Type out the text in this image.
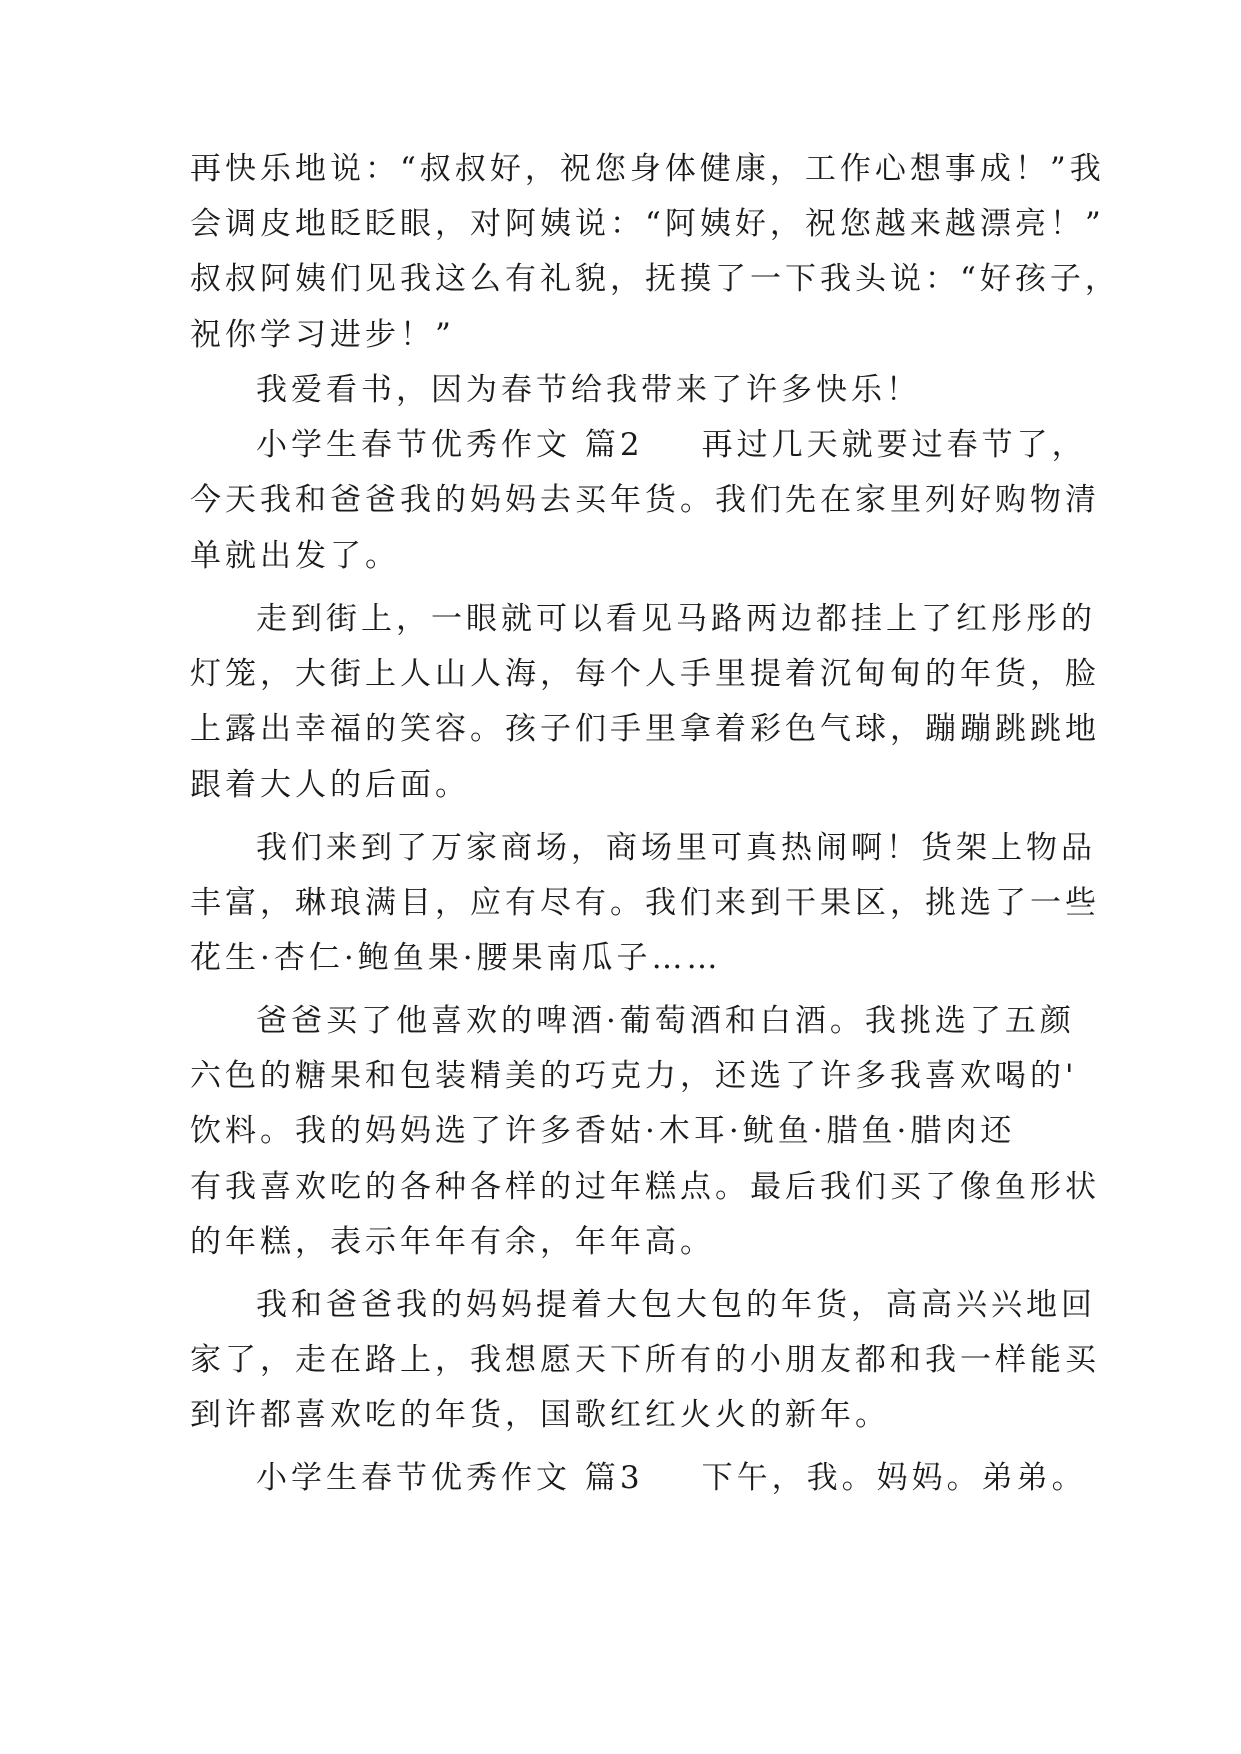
再快乐地说：“叔叔好，祝您身体健康，工作心想事成！”我
会调皮地眨眨眼，对阿姨说：“阿姨好，祝您越来越漂亮！”
叔叔阿姨们见我这么有礼貌，抚摸了一下我头说：“好孩子，
祝你学习进步！”
我爱看书，因为春节给我带来了许多快乐！
小学生春节优秀作文 篇2 再过几天就要过春节了，
今天我和爸爸我的妈妈去买年货。我们先在家里列好购物清
单就出发了。
走到街上，一眼就可以看见马路两边都挂上了红彤彤的
灯笼，大街上人山人海，每个人手里提着沉甸甸的年货，脸
上露出幸福的笑容。孩子们手里拿着彩色气球，蹦蹦跳跳地
跟着大人的后面。
我们来到了万家商场，商场里可真热闹啊！货架上物品
丰富，琳琅满目，应有尽有。我们来到干果区，挑选了一些
花生·杏仁·鲍鱼果·腰果南瓜子……
爸爸买了他喜欢的啤酒·葡萄酒和白酒。我挑选了五颜
六色的糖果和包装精美的巧克力，还选了许多我喜欢喝的'
饮料。我的妈妈选了许多香姑·木耳·鱿鱼·腊鱼·腊肉还
有我喜欢吃的各种各样的过年糕点。最后我们买了像鱼形状
的年糕，表示年年有余，年年高。
我和爸爸我的妈妈提着大包大包的年货，高高兴兴地回
家了，走在路上，我想愿天下所有的小朋友都和我一样能买
到许都喜欢吃的年货，国歌红红火火的新年。
小学生春节优秀作文 篇3 下午，我。妈妈。弟弟。
